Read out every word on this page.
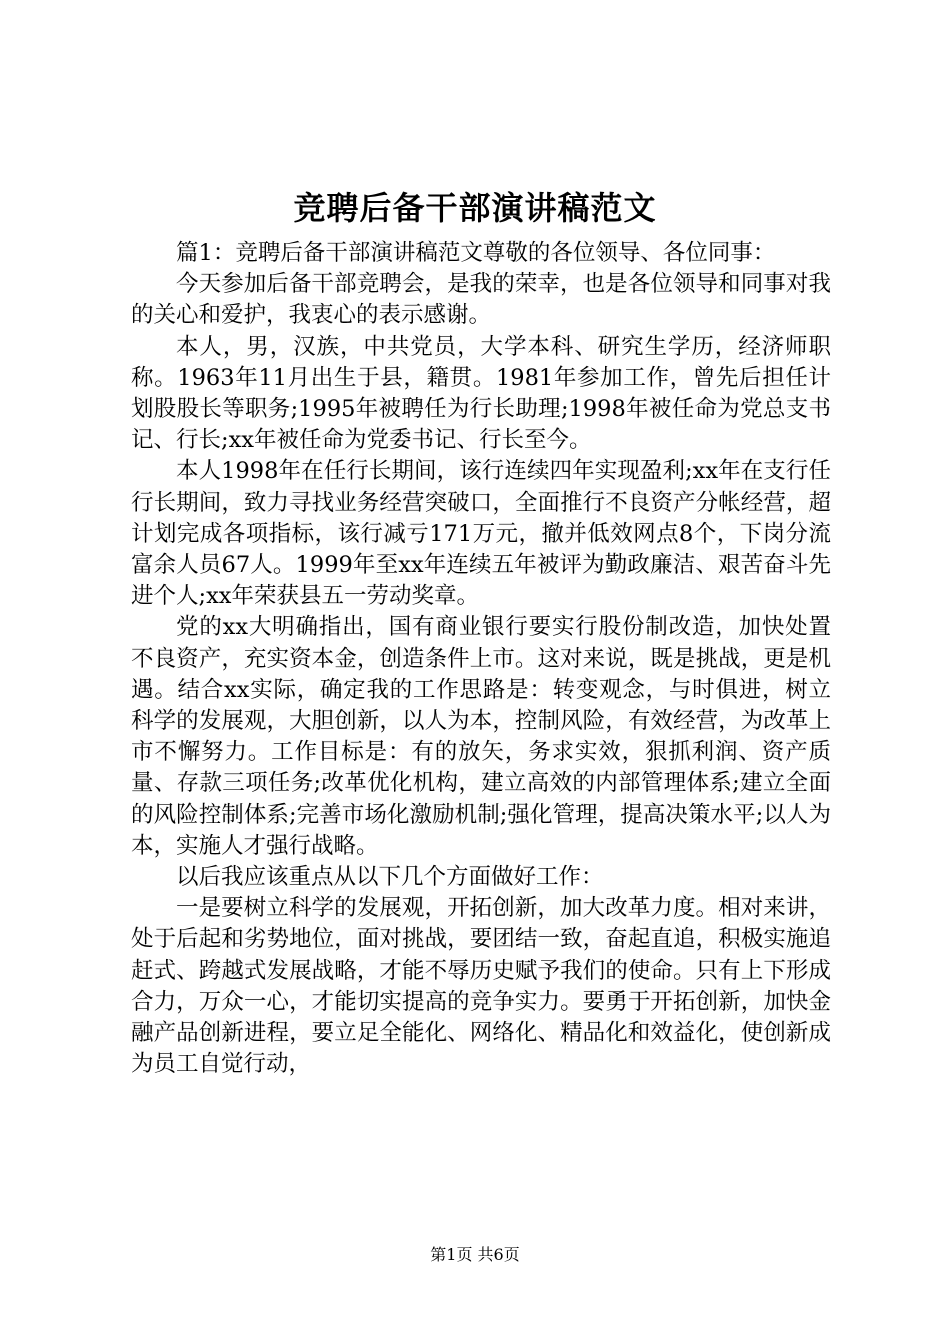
竞聘后备干部演讲稿范文

篇1：竞聘后备干部演讲稿范文尊敬的各位领导、各位同事：

今天参加后备干部竞聘会，是我的荣幸，也是各位领导和同事对我的关心和爱护，我衷心的表示感谢。

本人，男，汉族，中共党员，大学本科、研究生学历，经济师职称。1963年11月出生于县，籍贯。1981年参加工作，曾先后担任计划股股长等职务;1995年被聘任为行长助理;1998年被任命为党总支书记、行长;xx年被任命为党委书记、行长至今。

本人1998年在任行长期间，该行连续四年实现盈利;xx年在支行任行长期间，致力寻找业务经营突破口，全面推行不良资产分帐经营，超计划完成各项指标，该行减亏171万元，撤并低效网点8个，下岗分流富余人员67人。1999年至xx年连续五年被评为勤政廉洁、艰苦奋斗先进个人;xx年荣获县五一劳动奖章。

党的xx大明确指出，国有商业银行要实行股份制改造，加快处置不良资产，充实资本金，创造条件上市。这对来说，既是挑战，更是机遇。结合xx实际，确定我的工作思路是：转变观念，与时俱进，树立科学的发展观，大胆创新，以人为本，控制风险，有效经营，为改革上市不懈努力。工作目标是：有的放矢，务求实效，狠抓利润、资产质量、存款三项任务;改革优化机构，建立高效的内部管理体系;建立全面的风险控制体系;完善市场化激励机制;强化管理，提高决策水平;以人为本，实施人才强行战略。

以后我应该重点从以下几个方面做好工作：

一是要树立科学的发展观，开拓创新，加大改革力度。相对来讲，处于后起和劣势地位，面对挑战，要团结一致，奋起直追，积极实施追赶式、跨越式发展战略，才能不辱历史赋予我们的使命。只有上下形成合力，万众一心，才能切实提高的竞争实力。要勇于开拓创新，加快金融产品创新进程，要立足全能化、网络化、精品化和效益化，使创新成为员工自觉行动，

第1页 共6页
